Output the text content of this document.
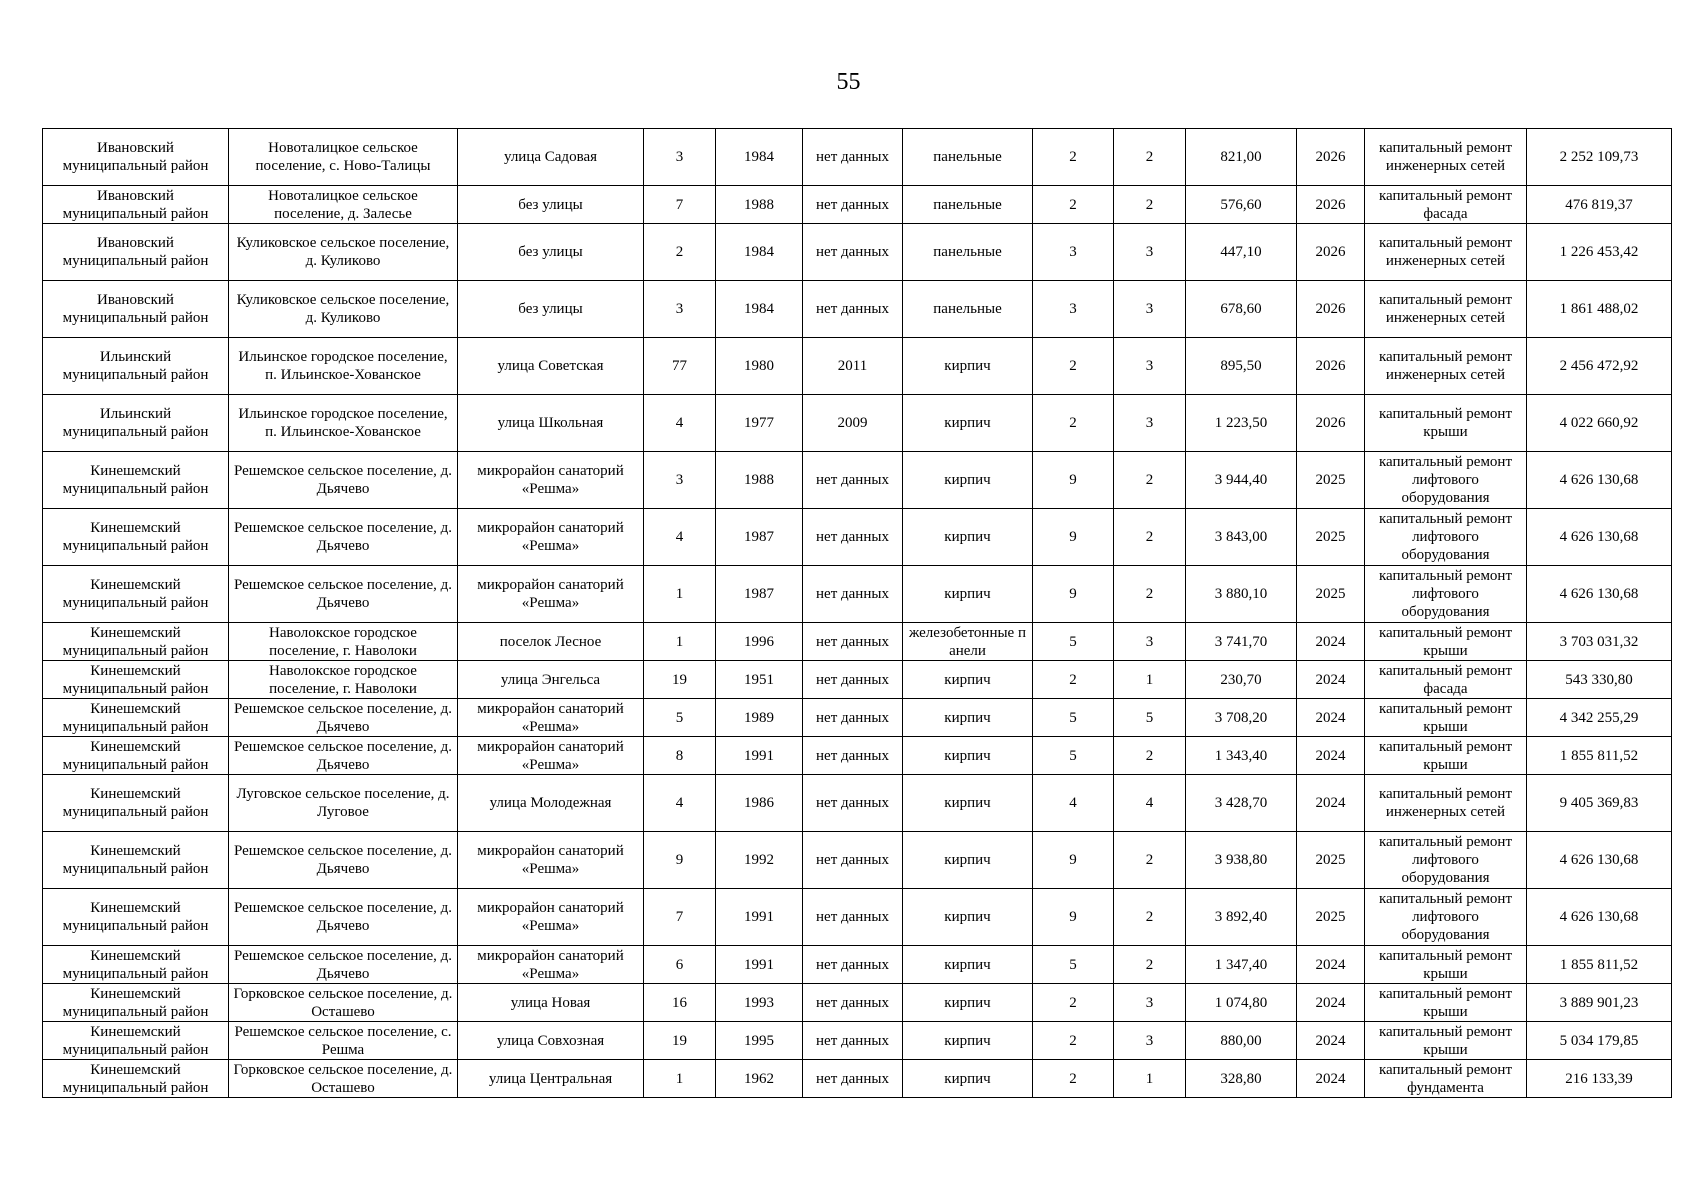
55
Ивановский муниципальный район	Новоталицкое сельское поселение, с. Ново-Талицы	улица Садовая	3	1984	нет данных	панельные	2	2	821,00	2026	капитальный ремонт инженерных сетей	2 252 109,73
Ивановский муниципальный район	Новоталицкое сельское поселение, д. Залесье	без улицы	7	1988	нет данных	панельные	2	2	576,60	2026	капитальный ремонт фасада	476 819,37
Ивановский муниципальный район	Куликовское сельское поселение, д. Куликово	без улицы	2	1984	нет данных	панельные	3	3	447,10	2026	капитальный ремонт инженерных сетей	1 226 453,42
Ивановский муниципальный район	Куликовское сельское поселение, д. Куликово	без улицы	3	1984	нет данных	панельные	3	3	678,60	2026	капитальный ремонт инженерных сетей	1 861 488,02
Ильинский муниципальный район	Ильинское городское поселение, п. Ильинское-Хованское	улица Советская	77	1980	2011	кирпич	2	3	895,50	2026	капитальный ремонт инженерных сетей	2 456 472,92
Ильинский муниципальный район	Ильинское городское поселение, п. Ильинское-Хованское	улица Школьная	4	1977	2009	кирпич	2	3	1 223,50	2026	капитальный ремонт крыши	4 022 660,92
Кинешемский муниципальный район	Решемское сельское поселение, д. Дьячево	микрорайон санаторий «Решма»	3	1988	нет данных	кирпич	9	2	3 944,40	2025	капитальный ремонт лифтового оборудования	4 626 130,68
Кинешемский муниципальный район	Решемское сельское поселение, д. Дьячево	микрорайон санаторий «Решма»	4	1987	нет данных	кирпич	9	2	3 843,00	2025	капитальный ремонт лифтового оборудования	4 626 130,68
Кинешемский муниципальный район	Решемское сельское поселение, д. Дьячево	микрорайон санаторий «Решма»	1	1987	нет данных	кирпич	9	2	3 880,10	2025	капитальный ремонт лифтового оборудования	4 626 130,68
Кинешемский муниципальный район	Наволокское городское поселение, г. Наволоки	поселок Лесное	1	1996	нет данных	железобетонные панели	5	3	3 741,70	2024	капитальный ремонт крыши	3 703 031,32
Кинешемский муниципальный район	Наволокское городское поселение, г. Наволоки	улица Энгельса	19	1951	нет данных	кирпич	2	1	230,70	2024	капитальный ремонт фасада	543 330,80
Кинешемский муниципальный район	Решемское сельское поселение, д. Дьячево	микрорайон санаторий «Решма»	5	1989	нет данных	кирпич	5	5	3 708,20	2024	капитальный ремонт крыши	4 342 255,29
Кинешемский муниципальный район	Решемское сельское поселение, д. Дьячево	микрорайон санаторий «Решма»	8	1991	нет данных	кирпич	5	2	1 343,40	2024	капитальный ремонт крыши	1 855 811,52
Кинешемский муниципальный район	Луговское сельское поселение, д. Луговое	улица Молодежная	4	1986	нет данных	кирпич	4	4	3 428,70	2024	капитальный ремонт инженерных сетей	9 405 369,83
Кинешемский муниципальный район	Решемское сельское поселение, д. Дьячево	микрорайон санаторий «Решма»	9	1992	нет данных	кирпич	9	2	3 938,80	2025	капитальный ремонт лифтового оборудования	4 626 130,68
Кинешемский муниципальный район	Решемское сельское поселение, д. Дьячево	микрорайон санаторий «Решма»	7	1991	нет данных	кирпич	9	2	3 892,40	2025	капитальный ремонт лифтового оборудования	4 626 130,68
Кинешемский муниципальный район	Решемское сельское поселение, д. Дьячево	микрорайон санаторий «Решма»	6	1991	нет данных	кирпич	5	2	1 347,40	2024	капитальный ремонт крыши	1 855 811,52
Кинешемский муниципальный район	Горковское сельское поселение, д. Осташево	улица Новая	16	1993	нет данных	кирпич	2	3	1 074,80	2024	капитальный ремонт крыши	3 889 901,23
Кинешемский муниципальный район	Решемское сельское поселение, с. Решма	улица Совхозная	19	1995	нет данных	кирпич	2	3	880,00	2024	капитальный ремонт крыши	5 034 179,85
Кинешемский муниципальный район	Горковское сельское поселение, д. Осташево	улица Центральная	1	1962	нет данных	кирпич	2	1	328,80	2024	капитальный ремонт фундамента	216 133,39
